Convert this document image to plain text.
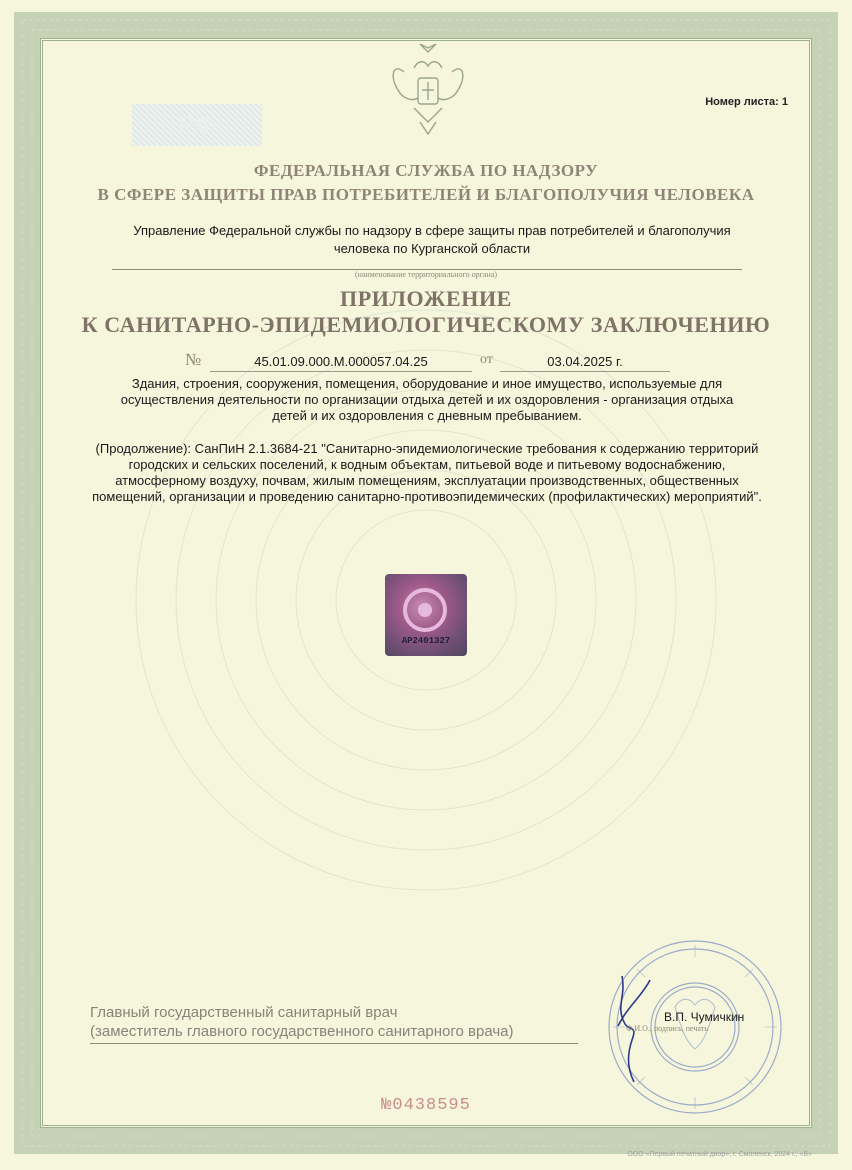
РФ
Номер листа: 1
ФЕДЕРАЛЬНАЯ СЛУЖБА ПО НАДЗОРУ
В СФЕРЕ ЗАЩИТЫ ПРАВ ПОТРЕБИТЕЛЕЙ И БЛАГОПОЛУЧИЯ ЧЕЛОВЕКА
Управление Федеральной службы по надзору в сфере защиты прав потребителей и благополучия
человека по Курганской области
(наименование территориального органа)
ПРИЛОЖЕНИЕ
К САНИТАРНО-ЭПИДЕМИОЛОГИЧЕСКОМУ ЗАКЛЮЧЕНИЮ
№	45.01.09.000.М.000057.04.25	от	03.04.2025 г.
Здания, строения, сооружения, помещения, оборудование и иное имущество, используемые для
осуществления деятельности по организации отдыха детей и их оздоровления - организация отдыха
детей и их оздоровления с дневным пребыванием.
(Продолжение): СанПиН 2.1.3684-21 "Санитарно-эпидемиологические требования к содержанию территорий
городских и сельских поселений, к водным объектам, питьевой воде и питьевому водоснабжению,
атмосферному воздуху, почвам, жилым помещениям, эксплуатации производственных, общественных
помещений, организации и проведению санитарно-противоэпидемических (профилактических) мероприятий".
AP2401327
Главный государственный санитарный врач
(заместитель главного государственного санитарного врача)
В.П. Чумичкин
Ф.И.О., подпись, печать
№0438595
ООО «Первый печатный двор», г. Смоленск, 2024 г., «В»
